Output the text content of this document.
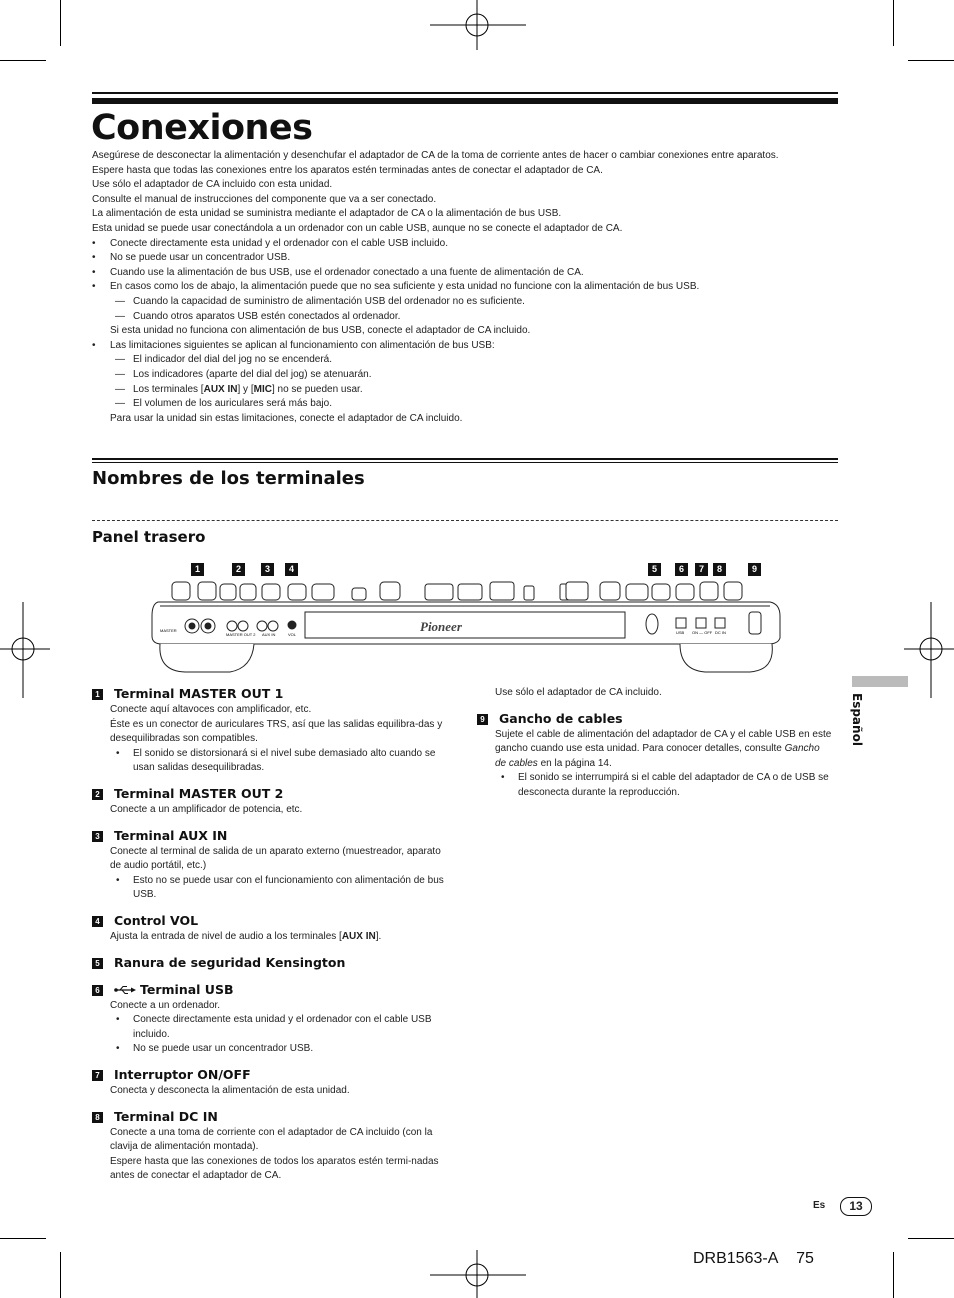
Conexiones

Asegúrese de desconectar la alimentación y desenchufar el adaptador de CA de la toma de corriente antes de hacer o cambiar conexiones entre aparatos.

Espere hasta que todas las conexiones entre los aparatos estén terminadas antes de conectar el adaptador de CA.

Use sólo el adaptador de CA incluido con esta unidad.

Consulte el manual de instrucciones del componente que va a ser conectado.

La alimentación de esta unidad se suministra mediante el adaptador de CA o la alimentación de bus USB.

Esta unidad se puede usar conectándola a un ordenador con un cable USB, aunque no se conecte el adaptador de CA.

• Conecte directamente esta unidad y el ordenador con el cable USB incluido.

• No se puede usar un concentrador USB.

• Cuando use la alimentación de bus USB, use el ordenador conectado a una fuente de alimentación de CA.

• En casos como los de abajo, la alimentación puede que no sea suficiente y esta unidad no funcione con la alimentación de bus USB.

— Cuando la capacidad de suministro de alimentación USB del ordenador no es suficiente.

— Cuando otros aparatos USB estén conectados al ordenador.

Si esta unidad no funciona con alimentación de bus USB, conecte el adaptador de CA incluido.

• Las limitaciones siguientes se aplican al funcionamiento con alimentación de bus USB:

— El indicador del dial del jog no se encenderá.

— Los indicadores (aparte del dial del jog) se atenuarán.

— Los terminales [AUX IN] y [MIC] no se pueden usar.

— El volumen de los auriculares será más bajo.

Para usar la unidad sin estas limitaciones, conecte el adaptador de CA incluido.

Nombres de los terminales
Panel trasero
1	2	3	4	5	6	7	8	9
MASTER
MASTER OUT 2 AUX IN	VOL
Pioneer	USB ON — OFF DC IN
1 Terminal MASTER OUT 1

Conecte aquí altavoces con amplificador, etc.

Éste es un conector de auriculares TRS, así que las salidas equilibra-das y desequilibradas son compatibles.

• El sonido se distorsionará si el nivel sube demasiado alto cuando se usan salidas desequilibradas.

2 Terminal MASTER OUT 2

Conecte a un amplificador de potencia, etc.

3 Terminal AUX IN

Conecte al terminal de salida de un aparato externo (muestreador, aparato de audio portátil, etc.)

• Esto no se puede usar con el funcionamiento con alimentación de bus USB.

4 Control VOL

Ajusta la entrada de nivel de audio a los terminales [AUX IN].

5 Ranura de seguridad Kensington
6	Terminal USB

Conecte a un ordenador.

• Conecte directamente esta unidad y el ordenador con el cable USB incluido.

• No se puede usar un concentrador USB.

7 Interruptor ON/OFF

Conecta y desconecta la alimentación de esta unidad.

8 Terminal DC IN

Conecte a una toma de corriente con el adaptador de CA incluido (con la clavija de alimentación montada).

Espere hasta que las conexiones de todos los aparatos estén termi-nadas antes de conectar el adaptador de CA.

Use sólo el adaptador de CA incluido.

9 Gancho de cables

Sujete el cable de alimentación del adaptador de CA y el cable USB en este gancho cuando use esta unidad. Para conocer detalles, consulte Gancho de cables en la página 14.

• El sonido se interrumpirá si el cable del adaptador de CA o de USB se desconecta durante la reproducción.

Español
Es	13
DRB1563-A 75
